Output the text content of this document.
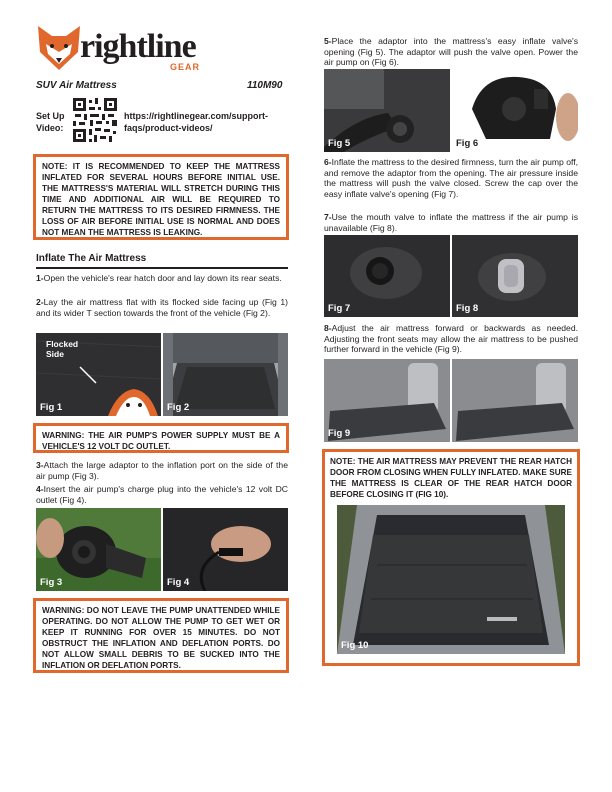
rightline
GEAR
SUV Air Mattress	110M90
Set Up Video:
https://rightlinegear.com/support-faqs/product-videos/
NOTE: IT IS RECOMMENDED TO KEEP THE MATTRESS INFLATED FOR SEVERAL HOURS BEFORE INITIAL USE. THE MATTRESS'S MATERIAL WILL STRETCH DURING THIS TIME AND ADDITIONAL AIR WILL BE REQUIRED TO RETURN THE MATTRESS TO ITS DESIRED FIRMNESS. THE LOSS OF AIR BEFORE INITIAL USE IS NORMAL AND DOES NOT MEAN THE MATTRESS IS LEAKING.
Inflate The Air Mattress
1-Open the vehicle's rear hatch door and lay down its rear seats.
2-Lay the air mattress flat with its flocked side facing up (Fig 1) and its wider T section towards the front of the vehicle (Fig 2).
Flocked Side
Fig 1	Fig 2
WARNING: THE AIR PUMP'S POWER SUPPLY MUST BE A VEHICLE'S 12 VOLT DC OUTLET.
3-Attach the large adaptor to the inflation port on the side of the air pump (Fig 3).
4-Insert the air pump's charge plug into the vehicle's 12 volt DC outlet (Fig 4).
Fig 3	Fig 4
WARNING: DO NOT LEAVE THE PUMP UNATTENDED WHILE OPERATING. DO NOT ALLOW THE PUMP TO GET WET OR KEEP IT RUNNING FOR OVER 15 MINUTES. DO NOT OBSTRUCT THE INFLATION AND DEFLATION PORTS. DO NOT ALLOW SMALL DEBRIS TO BE SUCKED INTO THE INFLATION OR DEFLATION PORTS.
5-Place the adaptor into the mattress's easy inflate valve's opening (Fig 5). The adaptor will push the valve open. Power the air pump on (Fig 6).
Fig 5	Fig 6
6-Inflate the mattress to the desired firmness, turn the air pump off, and remove the adaptor from the opening. The air pressure inside the mattress will push the valve closed. Screw the cap over the easy inflate valve's opening (Fig 7).
7-Use the mouth valve to inflate the mattress if the air pump is unavailable (Fig 8).
Fig 7	Fig 8
8-Adjust the air mattress forward or backwards as needed. Adjusting the front seats may allow the air mattress to be pushed further forward in the vehicle (Fig 9).
Fig 9
NOTE: THE AIR MATTRESS MAY PREVENT THE REAR HATCH DOOR FROM CLOSING WHEN FULLY INFLATED. MAKE SURE THE MATTRESS IS CLEAR OF THE REAR HATCH DOOR BEFORE CLOSING IT (FIG 10).
Fig 10
